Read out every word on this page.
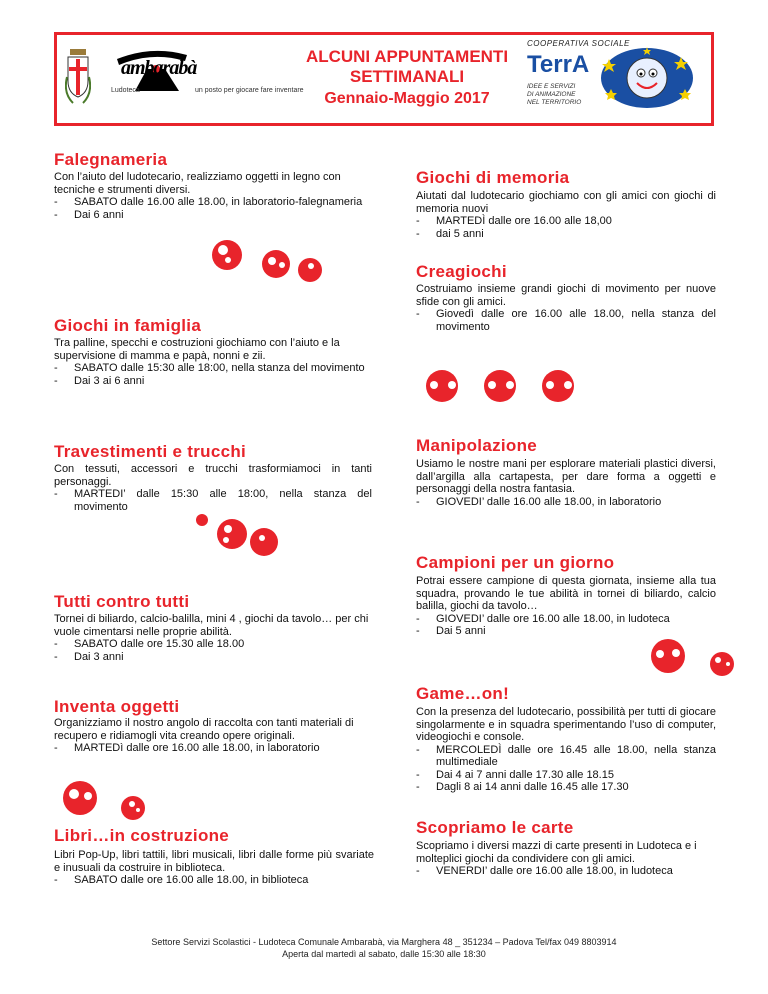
ambarabà
Ludoteca	un posto per giocare fare inventare
ALCUNI APPUNTAMENTI
SETTIMANALI
Gennaio-Maggio 2017
COOPERATIVA SOCIALE
TerrA
IDEE E SERVIZI
DI ANIMAZIONE
NEL TERRITORIO
Falegnameria

Con l’aiuto del ludotecario, realizziamo oggetti in legno con tecniche e strumenti diversi.

-	SABATO dalle 16.00 alle 18.00, in laboratorio-falegnameria
-	Dai 6 anni
Giochi in famiglia

Tra palline, specchi e costruzioni giochiamo con l’aiuto e la supervisione di mamma e papà, nonni e zii.

-	SABATO dalle 15:30 alle 18:00, nella stanza del movimento
-	Dai 3 ai 6 anni
Travestimenti e trucchi

Con tessuti, accessori e trucchi trasformiamoci in tanti personaggi.

-	MARTEDI’ dalle 15:30 alle 18:00, nella stanza del movimento
Tutti contro tutti

Tornei di biliardo, calcio-balilla, mini 4 , giochi da tavolo… per chi vuole cimentarsi nelle proprie abilità.

-	SABATO dalle ore 15.30 alle 18.00
-	Dai 3 anni
Inventa oggetti

Organizziamo il nostro angolo di raccolta con tanti materiali di recupero e ridiamogli vita creando opere originali.

-	MARTEDì dalle ore 16.00 alle 18.00, in laboratorio
Libri…in costruzione

Libri Pop-Up, libri tattili, libri musicali, libri dalle forme più svariate e inusuali da costruire in biblioteca.

-	SABATO dalle ore 16.00 alle 18.00, in biblioteca
Giochi di memoria

Aiutati dal ludotecario giochiamo con gli amici con giochi di memoria nuovi

-	MARTEDÌ dalle ore 16.00 alle 18,00
-	dai 5 anni
Creagiochi

Costruiamo insieme grandi giochi di movimento per nuove sfide con gli amici.

-	Giovedì dalle ore 16.00 alle 18.00, nella stanza del movimento
Manipolazione

Usiamo le nostre mani per esplorare materiali plastici diversi, dall’argilla alla cartapesta, per dare forma a oggetti e personaggi della nostra fantasia.

-	GIOVEDI’ dalle 16.00 alle 18.00, in laboratorio
Campioni per un giorno

Potrai essere campione di questa giornata, insieme alla tua squadra, provando le tue abilità in tornei di biliardo, calcio balilla, giochi da tavolo…

-	GIOVEDI’ dalle ore 16.00 alle 18.00, in ludoteca
-	Dai 5 anni
Game…on!

Con la presenza del ludotecario, possibilità per tutti di giocare singolarmente e in squadra sperimentando l’uso di computer, videogiochi e console.

-	MERCOLEDÌ dalle ore 16.45 alle 18.00, nella stanza multimediale
-	Dai 4 ai 7 anni dalle 17.30 alle 18.15
-	Dagli 8 ai 14 anni dalle 16.45 alle 17.30
Scopriamo le carte

Scopriamo i diversi mazzi di carte presenti in Ludoteca e i molteplici giochi da condividere con gli amici.

-	VENERDI’ dalle ore 16.00 alle 18.00, in ludoteca
Settore Servizi Scolastici - Ludoteca Comunale Ambarabà, via Marghera 48 _ 351234 – Padova Tel/fax 049 8803914
Aperta dal martedì al sabato, dalle 15:30 alle 18:30
